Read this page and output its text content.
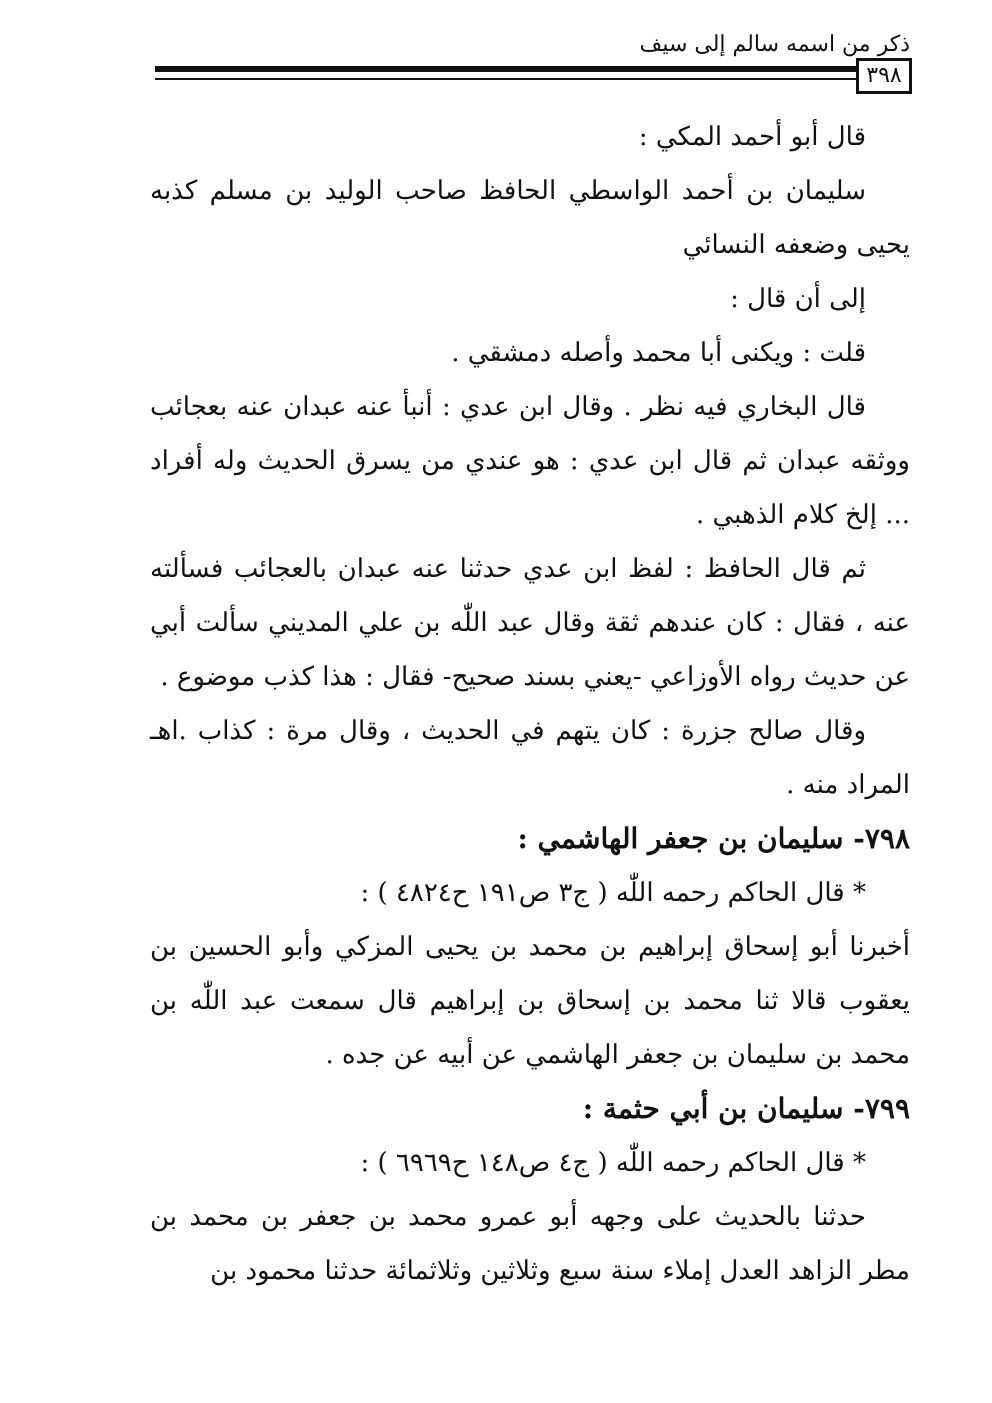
ذكر من اسمه سالم إلى سيف
٣٩٨

قال أبو أحمد المكي :

سليمان بن أحمد الواسطي الحافظ صاحب الوليد بن مسلم كذبه يحيى وضعفه النسائي

إلى أن قال :

قلت : ويكنى أبا محمد وأصله دمشقي .

قال البخاري فيه نظر . وقال ابن عدي : أنبأ عنه عبدان عنه بعجائب ووثقه عبدان ثم قال ابن عدي : هو عندي من يسرق الحديث وله أفراد ... إلخ كلام الذهبي .

ثم قال الحافظ : لفظ ابن عدي حدثنا عنه عبدان بالعجائب فسألته عنه ، فقال : كان عندهم ثقة وقال عبد اللّٰه بن علي المديني سألت أبي عن حديث رواه الأوزاعي -يعني بسند صحيح- فقال : هذا كذب موضوع .

وقال صالح جزرة : كان يتهم في الحديث ، وقال مرة : كذاب .اهـ المراد منه .

٧٩٨- سليمان بن جعفر الهاشمي :

* قال الحاكم رحمه اللّٰه ( ج٣ ص١٩١ ح٤٨٢٤ ) :

أخبرنا أبو إسحاق إبراهيم بن محمد بن يحيى المزكي وأبو الحسين بن يعقوب قالا ثنا محمد بن إسحاق بن إبراهيم قال سمعت عبد اللّٰه بن محمد بن سليمان بن جعفر الهاشمي عن أبيه عن جده .

٧٩٩- سليمان بن أبي حثمة :

* قال الحاكم رحمه اللّٰه ( ج٤ ص١٤٨ ح٦٩٦٩ ) :

حدثنا بالحديث على وجهه أبو عمرو محمد بن جعفر بن محمد بن مطر الزاهد العدل إملاء سنة سبع وثلاثين وثلاثمائة حدثنا محمود بن
